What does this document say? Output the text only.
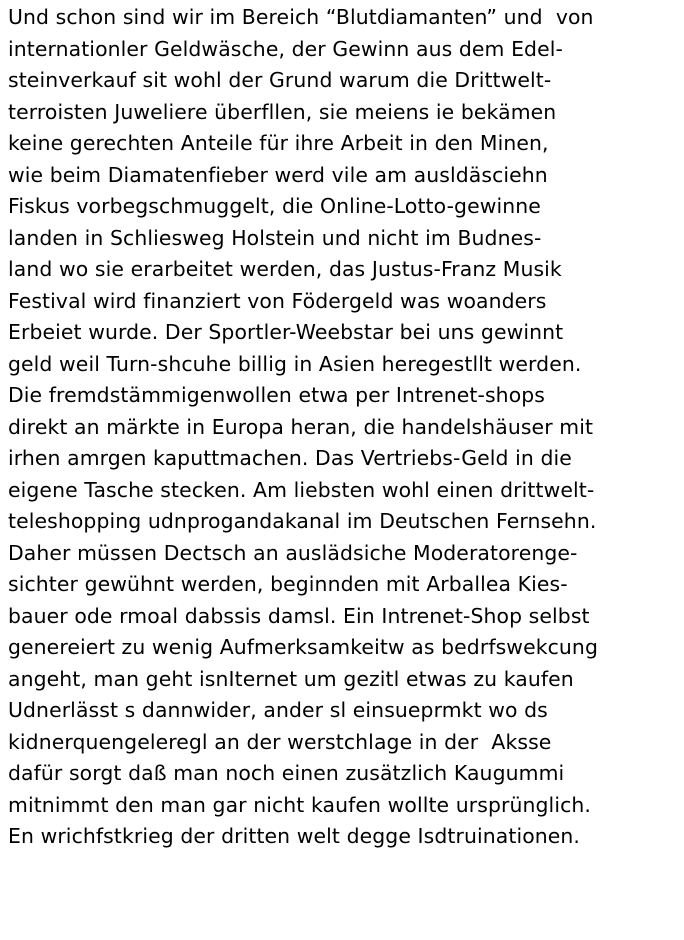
Und schon sind wir im Bereich “Blutdiamanten” und  von
internationler Geldwäsche, der Gewinn aus dem Edel-
steinverkauf sit wohl der Grund warum die Drittwelt-
terroisten Juweliere überfllen, sie meiens ie bekämen
keine gerechten Anteile für ihre Arbeit in den Minen,
wie beim Diamatenfieber werd vile am ausldäsciehn
Fiskus vorbegschmuggelt, die Online-Lotto-gewinne
landen in Schliesweg Holstein und nicht im Budnes-
land wo sie erarbeitet werden, das Justus-Franz Musik
Festival wird finanziert von Födergeld was woanders
Erbeiet wurde. Der Sportler-Weebstar bei uns gewinnt
geld weil Turn-shcuhe billig in Asien heregestllt werden.
Die fremdstämmigenwollen etwa per Intrenet-shops
direkt an märkte in Europa heran, die handelshäuser mit
irhen amrgen kaputtmachen. Das Vertriebs-Geld in die
eigene Tasche stecken. Am liebsten wohl einen drittwelt-
teleshopping udnprogandakanal im Deutschen Fernsehn.
Daher müssen Dectsch an auslädsiche Moderatorenge-
sichter gewühnt werden, beginnden mit Arballea Kies-
bauer ode rmoal dabssis damsl. Ein Intrenet-Shop selbst
genereiert zu wenig Aufmerksamkeitw as bedrfswekcung
angeht, man geht isnIternet um gezitl etwas zu kaufen
Udnerlässt s dannwider, ander sl einsueprmkt wo ds
kidnerquengeleregl an der werstchlage in der  Aksse
dafür sorgt daß man noch einen zusätzlich Kaugummi
mitnimmt den man gar nicht kaufen wollte ursprünglich.
En wrichfstkrieg der dritten welt degge Isdtruinationen.
